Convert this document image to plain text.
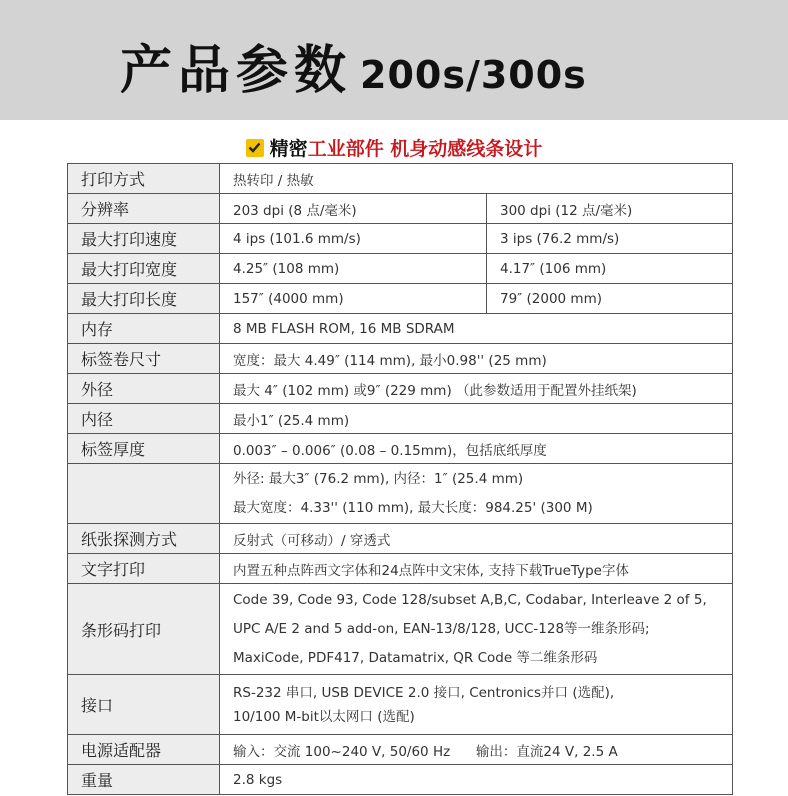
产品参数 200s/300s
精密 工业部件 机身动感线条设计
打印方式	热转印 / 热敏	
分辨率	203 dpi (8 点/毫米)	300 dpi (12 点/毫米)
最大打印速度	4 ips (101.6 mm/s)	3 ips (76.2 mm/s)
最大打印宽度	4.25″ (108 mm)	4.17″ (106 mm)
最大打印长度	157″ (4000 mm)	79″ (2000 mm)
内存	8 MB FLASH ROM, 16 MB SDRAM	
标签卷尺寸	宽度：最大 4.49″ (114 mm), 最小0.98'' (25 mm)	
外径	最大 4″ (102 mm) 或9″ (229 mm) （此参数适用于配置外挂纸架)	
内径	最小1″ (25.4 mm)	
标签厚度	0.003″ – 0.006″ (0.08 – 0.15mm)，包括底纸厚度	

	外径: 最大3″ (76.2 mm), 内径：1″ (25.4 mm)
最大宽度：4.33'' (110 mm), 最大长度：984.25' (300 M)	

纸张探测方式	反射式（可移动）/ 穿透式	
文字打印	内置五种点阵西文字体和24点阵中文宋体, 支持下载TrueType字体	
条形码打印	Code 39, Code 93, Code 128/subset A,B,C, Codabar, Interleave 2 of 5,
UPC A/E 2 and 5 add-on, EAN-13/8/128, UCC-128等一维条形码;
MaxiCode, PDF417, Datamatrix, QR Code 等二维条形码	

接口	RS-232 串口, USB DEVICE 2.0 接口, Centronics并口 (选配),
10/100 M-bit以太网口 (选配)	

电源适配器	输入：交流 100~240 V, 50/60 Hz      输出：直流24 V, 2.5 A	
重量	2.8 kgs	
